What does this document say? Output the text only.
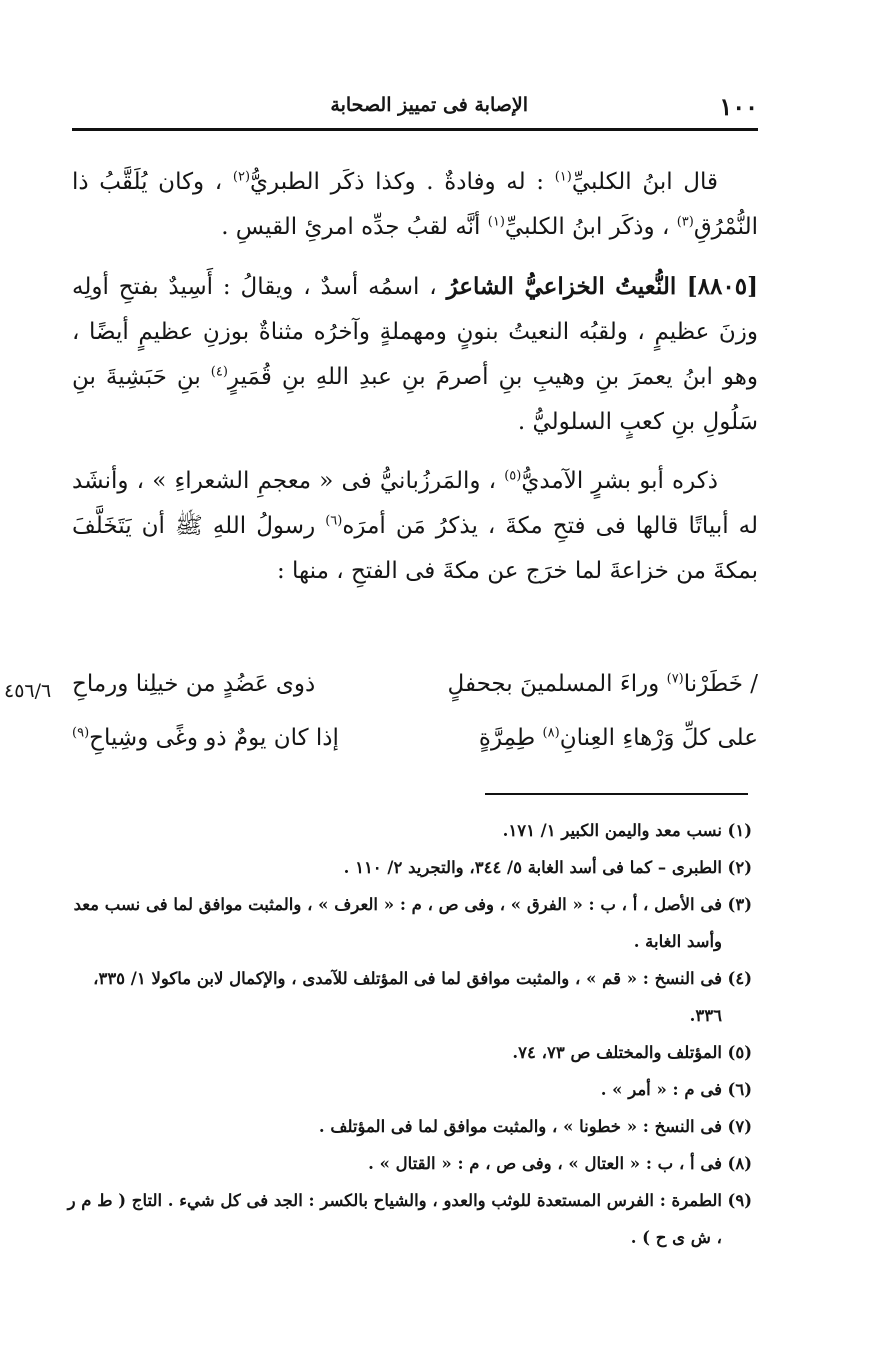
١٠٠
الإصابة فى تمييز الصحابة

قال ابنُ الكلبيِّ$^{(١)}$ : له وفادةٌ . وكذا ذكَر الطبريُّ$^{(٢)}$ ، وكان يُلَقَّبُ ذا النُّمْرُقِ$^{(٣)}$ ، وذكَر ابنُ الكلبيِّ$^{(١)}$ أنَّه لقبُ جدِّه امرئِ القيسِ .

[٨٨٠٥] النُّعيتُ الخزاعيُّ الشاعرُ ، اسمُه أسدٌ ، ويقالُ : أَسِيدٌ بفتحِ أولِه وزنَ عظيمٍ ، ولقبُه النعيتُ بنونٍ ومهملةٍ وآخرُه مثناةٌ بوزنِ عظيمٍ أيضًا ، وهو ابنُ يعمرَ بنِ وهيبِ بنِ أصرمَ بنِ عبدِ اللهِ بنِ قُمَيرٍ$^{(٤)}$ بنِ حَبَشِيةَ بنِ سَلُولِ بنِ كعبٍ السلوليُّ .

ذكره أبو بشرٍ الآمديُّ$^{(٥)}$ ، والمَرزُبانيُّ فى « معجمِ الشعراءِ » ، وأنشَد له أبياتًا قالها فى فتحِ مكةَ ، يذكرُ مَن أمرَه$^{(٦)}$ رسولُ اللهِ ﷺ أن يَتَخَلَّفَ بمكةَ من خزاعةَ لما خرَج عن مكةَ فى الفتحِ ، منها :

/ خَطَرْنا$^{(٧)}$ وراءَ المسلمينَ بجحفلٍ
ذوى عَضُدٍ من خيلِنا ورماحِ
على كلِّ وَرْهاءِ العِنانِ$^{(٨)}$ طِمِرَّةٍ
إذا كان يومٌ ذو وغًى وشِياحِ$^{(٩)}$
٤٥٦/٦

(١)نسب معد واليمن الكبير ١/ ١٧١.

(٢)الطبرى – كما فى أسد الغابة ٥/ ٣٤٤، والتجريد ٢/ ١١٠ .

(٣)فى الأصل ، أ ، ب : « الفرق » ، وفى ص ، م : « العرف » ، والمثبت موافق لما فى نسب معد وأسد الغابة .

(٤)فى النسخ : « قم » ، والمثبت موافق لما فى المؤتلف للآمدى ، والإكمال لابن ماكولا ١/ ٣٣٥، ٣٣٦.

(٥)المؤتلف والمختلف ص ٧٣، ٧٤.

(٦)فى م : « أمر » .

(٧)فى النسخ : « خطونا » ، والمثبت موافق لما فى المؤتلف .

(٨)فى أ ، ب : « العتال » ، وفى ص ، م : « القتال » .

(٩)الطمرة : الفرس المستعدة للوثب والعدو ، والشياح بالكسر : الجد فى كل شيء . التاج ( ط م ر ، ش ى ح ) .
